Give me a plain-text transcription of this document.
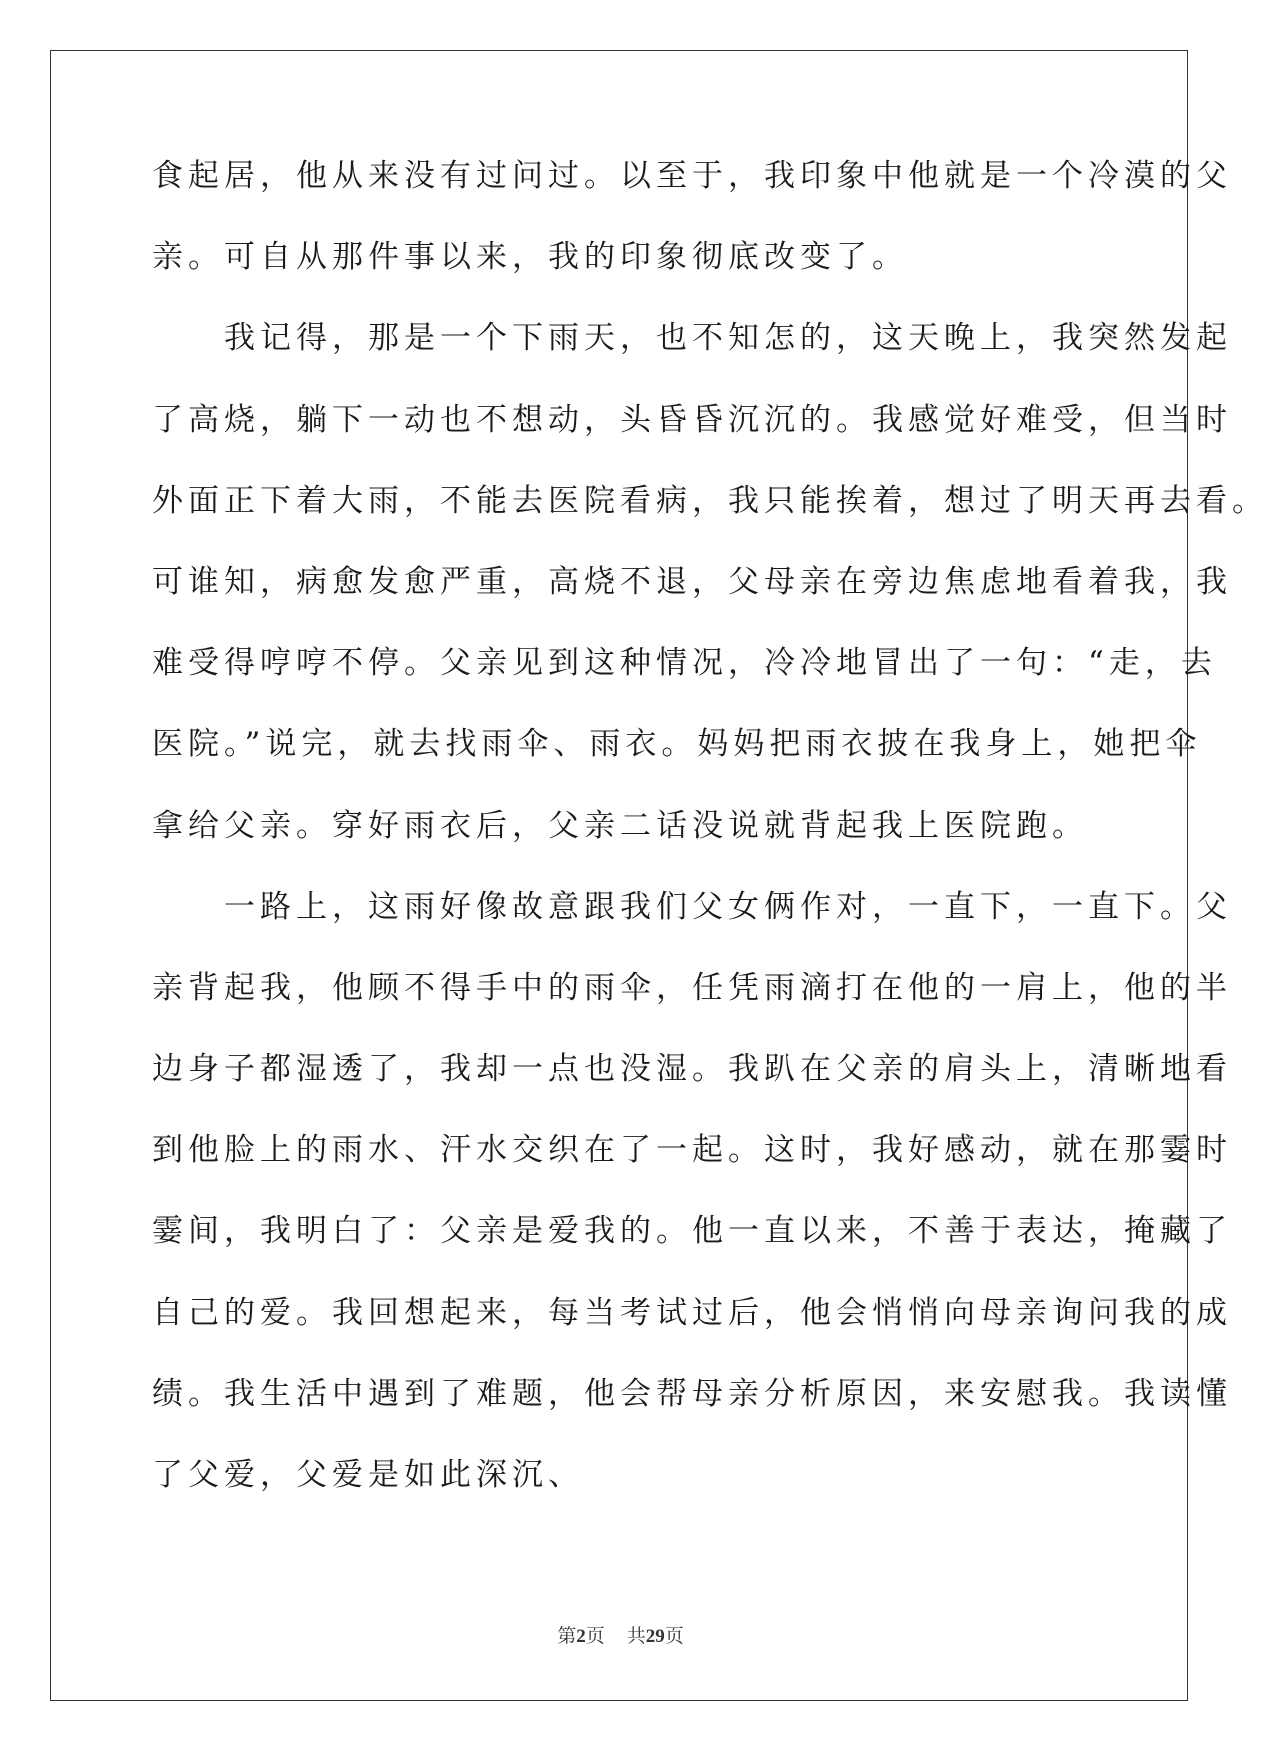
食起居，他从来没有过问过。以至于，我印象中他就是一个冷漠的父
亲。可自从那件事以来，我的印象彻底改变了。
　　我记得，那是一个下雨天，也不知怎的，这天晚上，我突然发起
了高烧，躺下一动也不想动，头昏昏沉沉的。我感觉好难受，但当时
外面正下着大雨，不能去医院看病，我只能挨着，想过了明天再去看。
可谁知，病愈发愈严重，高烧不退，父母亲在旁边焦虑地看着我，我
难受得哼哼不停。父亲见到这种情况，冷冷地冒出了一句：“走，去
医院。”说完，就去找雨伞、雨衣。妈妈把雨衣披在我身上，她把伞
拿给父亲。穿好雨衣后，父亲二话没说就背起我上医院跑。
　　一路上，这雨好像故意跟我们父女俩作对，一直下，一直下。父
亲背起我，他顾不得手中的雨伞，任凭雨滴打在他的一肩上，他的半
边身子都湿透了，我却一点也没湿。我趴在父亲的肩头上，清晰地看
到他脸上的雨水、汗水交织在了一起。这时，我好感动，就在那霎时
霎间，我明白了：父亲是爱我的。他一直以来，不善于表达，掩藏了
自己的爱。我回想起来，每当考试过后，他会悄悄向母亲询问我的成
绩。我生活中遇到了难题，他会帮母亲分析原因，来安慰我。我读懂
了父爱，父爱是如此深沉、
第2页 共29页
